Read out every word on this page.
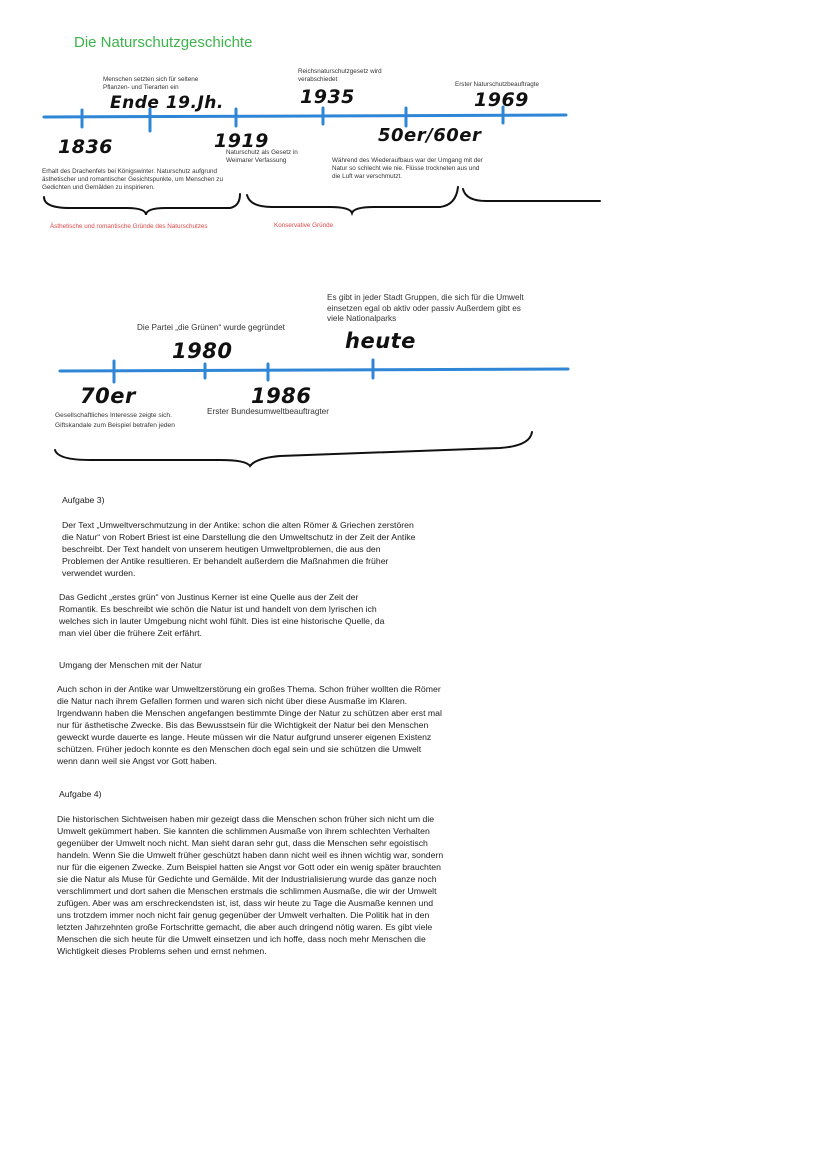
Die Naturschutzgeschichte
Menschen setzten sich für seltene Pflanzen- und Tierarten ein
Ende 19.Jh.
Reichsnaturschutzgesetz wird verabschiedet
1935
Erster Naturschutzbeauftragte
1969
1836
Erhalt des Drachenfels bei Königswinter. Naturschutz aufgrund ästhetischer und romantischer Gesichtspunkte, um Menschen zu Gedichten und Gemälden zu inspirieren.
1919
Naturschutz als Gesetz in Weimarer Verfassung
50er/60er
Während des Wiederaufbaus war der Umgang mit der Natur so schlecht wie nie. Flüsse trockneten aus und die Luft war verschmutzt.
Ästhetische und romantische Gründe des Naturschutzes	Konservative Gründe
Es gibt in jeder Stadt Gruppen, die sich für die Umwelt einsetzen egal ob aktiv oder passiv Außerdem gibt es viele Nationalparks
heute
Die Partei „die Grünen“ wurde gegründet
1980
70er
Gesellschaftliches Interesse zeigte sich. Giftskandale zum Beispiel betrafen jeden
1986
Erster Bundesumweltbeauftragter
Aufgabe 3)

Der Text „Umweltverschmutzung in der Antike: schon die alten Römer & Griechen zerstören die Natur“ von Robert Briest ist eine Darstellung die den Umweltschutz in der Zeit der Antike beschreibt. Der Text handelt von unserem heutigen Umweltproblemen, die aus den Problemen der Antike resultieren. Er behandelt außerdem die Maßnahmen die früher verwendet wurden.

Das Gedicht „erstes grün“ von Justinus Kerner ist eine Quelle aus der Zeit der Romantik. Es beschreibt wie schön die Natur ist und handelt von dem lyrischen ich welches sich in lauter Umgebung nicht wohl fühlt. Dies ist eine historische Quelle, da man viel über die frühere Zeit erfährt.

Umgang der Menschen mit der Natur

Auch schon in der Antike war Umweltzerstörung ein großes Thema. Schon früher wollten die Römer die Natur nach ihrem Gefallen formen und waren sich nicht über diese Ausmaße im Klaren. Irgendwann haben die Menschen angefangen bestimmte Dinge der Natur zu schützen aber erst mal nur für ästhetische Zwecke. Bis das Bewusstsein für die Wichtigkeit der Natur bei den Menschen geweckt wurde dauerte es lange. Heute müssen wir die Natur aufgrund unserer eigenen Existenz schützen. Früher jedoch konnte es den Menschen doch egal sein und sie schützen die Umwelt wenn dann weil sie Angst vor Gott haben.

Aufgabe 4)

Die historischen Sichtweisen haben mir gezeigt dass die Menschen schon früher sich nicht um die Umwelt gekümmert haben. Sie kannten die schlimmen Ausmaße von ihrem schlechten Verhalten gegenüber der Umwelt noch nicht. Man sieht daran sehr gut, dass die Menschen sehr egoistisch handeln. Wenn Sie die Umwelt früher geschützt haben dann nicht weil es ihnen wichtig war, sondern nur für die eigenen Zwecke. Zum Beispiel hatten sie Angst vor Gott oder ein wenig später brauchten sie die Natur als Muse für Gedichte und Gemälde. Mit der Industrialisierung wurde das ganze noch verschlimmert und dort sahen die Menschen erstmals die schlimmen Ausmaße, die wir der Umwelt zufügen. Aber was am erschreckendsten ist, ist, dass wir heute zu Tage die Ausmaße kennen und uns trotzdem immer noch nicht fair genug gegenüber der Umwelt verhalten. Die Politik hat in den letzten Jahrzehnten große Fortschritte gemacht, die aber auch dringend nötig waren. Es gibt viele Menschen die sich heute für die Umwelt einsetzen und ich hoffe, dass noch mehr Menschen die Wichtigkeit dieses Problems sehen und ernst nehmen.
